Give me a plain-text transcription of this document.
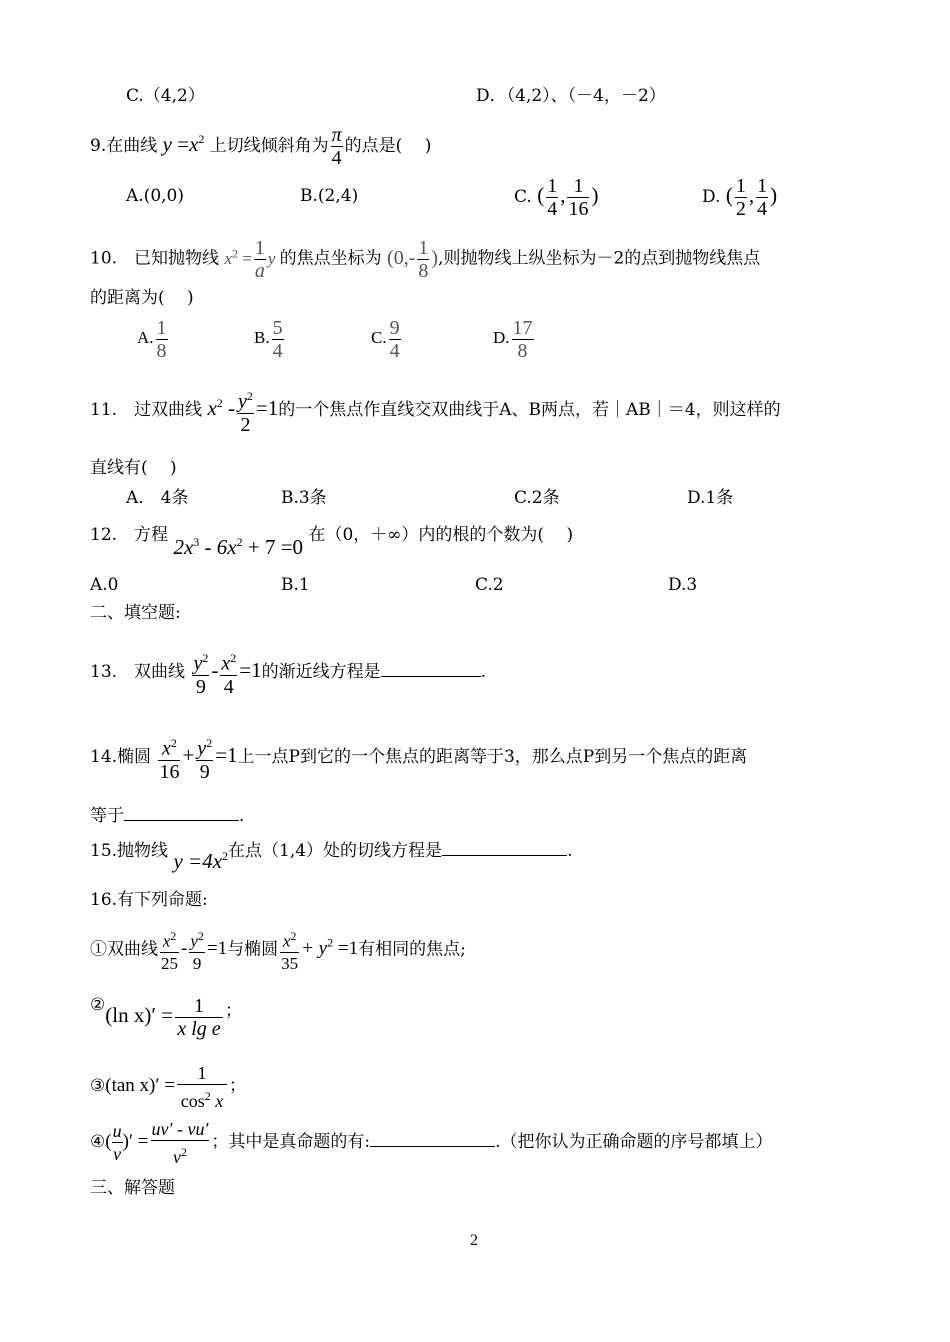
C.（4,2）	D．（4,2）、（－4，－2）
9.在曲线 $y =x^2$ 上切线倾斜角为 $\frac{\pi}{4}$ 的点是(　 )
A.(0,0)	B.(2,4)	C. ( $\frac{1}{4}$ , $\frac{1}{16}$ )	D. ( $\frac{1}{2}$ , $\frac{1}{4}$ )
10.　已知抛物线 $x^2 = \frac{1}{a}$ y 的焦点坐标为 ($0,- \frac{1}{8}$ ),则抛物线上纵坐标为－2的点到抛物线焦点
的距离为(　 )
A. $\frac{1}{8}$	B. $\frac{5}{4}$	C. $\frac{9}{4}$	D. $\frac{17}{8}$
11.　过双曲线 $x^2 - \frac{y^2}{2} =1$的一个焦点作直线交双曲线于A、B两点，若｜AB｜＝4，则这样的
直线有(　 )
A.　4条	B.3条	C.2条	D.1条
12.　方程 $2x^3 - 6x^2 + 7 =0$ 在（0，＋∞）内的根的个数为(　 )
A.0	B.1	C.2	D.3
二、填空题:
13.　双曲线 $\frac{y^2}{9} - \frac{x^2}{4} =1$的渐近线方程是	.
14.椭圆 $\frac{x^2}{16} + \frac{y^2}{9} =1$上一点P到它的一个焦点的距离等于3，那么点P到另一个焦点的距离
等于	.
15.抛物线 $y =4x^2$在点（1,4）处的切线方程是	.
16.有下列命题:
①双曲线 $\frac{x^2}{25} - \frac{y^2}{9} =1$与椭圆 $\frac{x^2}{35} + y^2 =1$有相同的焦点;
②(ln $x)' = \frac{1}{\text{x lg e}}$ ；
③(tan $x)' = \frac{1}{\cos^2 x}$ ；
④( $\frac{u}{v}$ )′ = $\frac{uv' - vu'}{v^2}$ ；其中是真命题的有:	.（把你认为正确命题的序号都填上）
三、解答题
2
